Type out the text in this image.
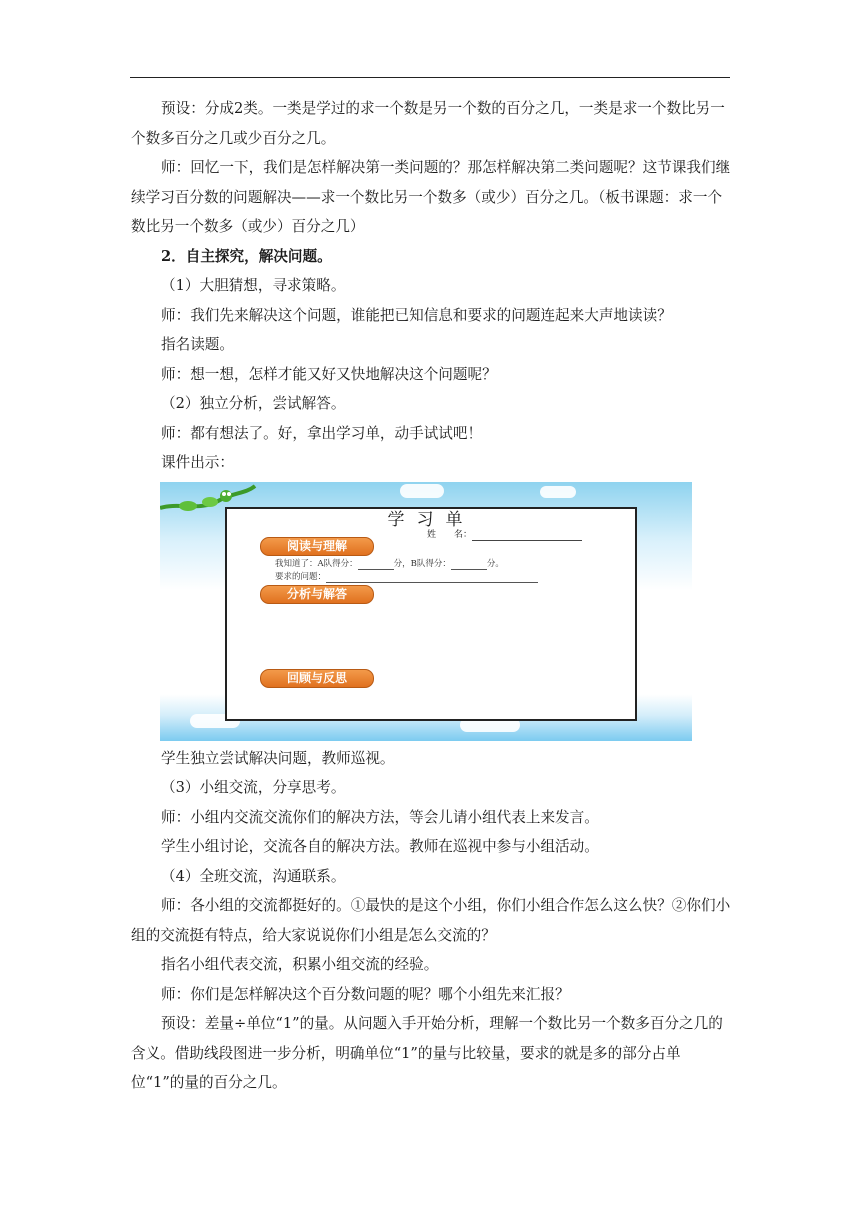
预设：分成2类。一类是学过的求一个数是另一个数的百分之几，一类是求一个数比另一个数多百分之几或少百分之几。

师：回忆一下，我们是怎样解决第一类问题的？那怎样解决第二类问题呢？这节课我们继续学习百分数的问题解决——求一个数比另一个数多（或少）百分之几。（板书课题：求一个数比另一个数多（或少）百分之几）

2．自主探究，解决问题。

（1）大胆猜想，寻求策略。

师：我们先来解决这个问题，谁能把已知信息和要求的问题连起来大声地读读？

指名读题。

师：想一想，怎样才能又好又快地解决这个问题呢？

（2）独立分析，尝试解答。

师：都有想法了。好，拿出学习单，动手试试吧！

课件出示：

学习单
姓　　名：
阅读与理解
我知道了：A队得分：	分，B队得分：	分。
要求的问题：
分析与解答
回顾与反思

学生独立尝试解决问题，教师巡视。

（3）小组交流，分享思考。

师：小组内交流交流你们的解决方法，等会儿请小组代表上来发言。

学生小组讨论，交流各自的解决方法。教师在巡视中参与小组活动。

（4）全班交流，沟通联系。

师：各小组的交流都挺好的。①最快的是这个小组，你们小组合作怎么这么快？②你们小组的交流挺有特点，给大家说说你们小组是怎么交流的？

指名小组代表交流，积累小组交流的经验。

师：你们是怎样解决这个百分数问题的呢？哪个小组先来汇报？

预设：差量÷单位“1”的量。从问题入手开始分析，理解一个数比另一个数多百分之几的含义。借助线段图进一步分析，明确单位“1”的量与比较量，要求的就是多的部分占单位“1”的量的百分之几。
